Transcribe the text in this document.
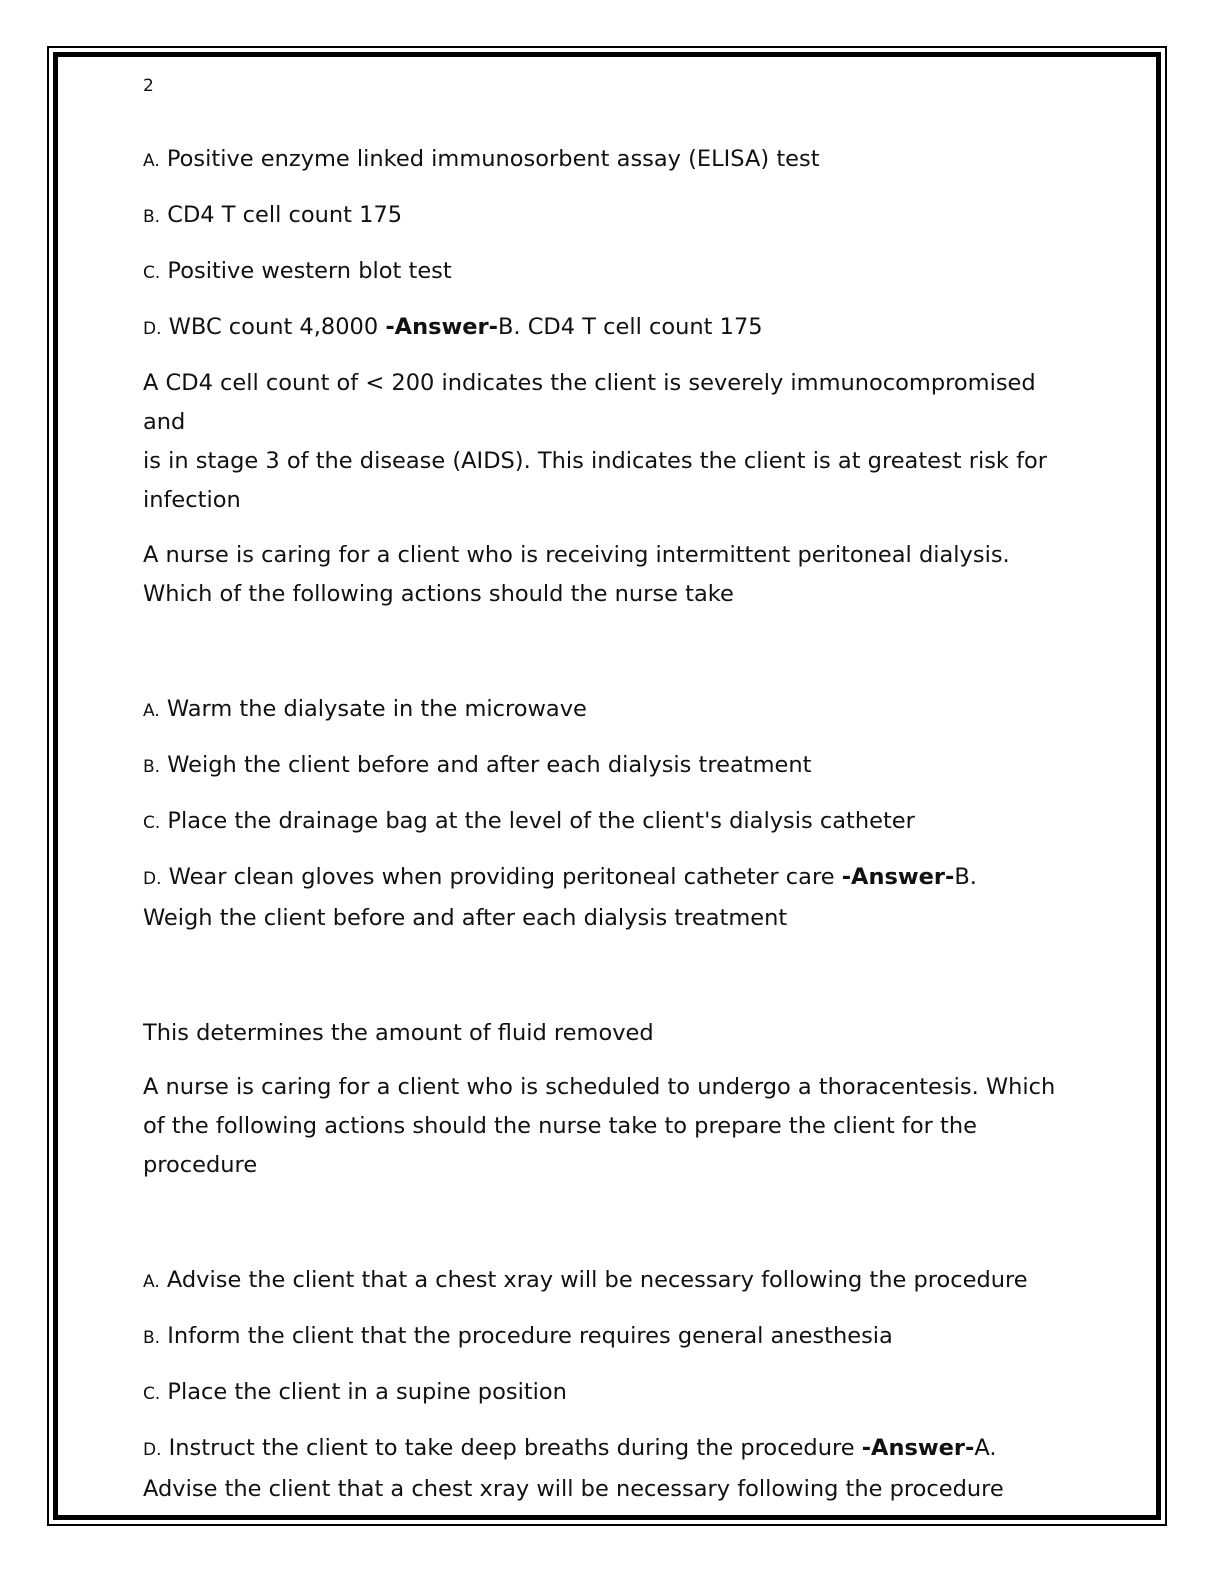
2
A. Positive enzyme linked immunosorbent assay (ELISA) test
B. CD4 T cell count 175
C. Positive western blot test
D. WBC count 4,8000 -Answer-B. CD4 T cell count 175
A CD4 cell count of < 200 indicates the client is severely immunocompromised and
is in stage 3 of the disease (AIDS). This indicates the client is at greatest risk for
infection
A nurse is caring for a client who is receiving intermittent peritoneal dialysis.
Which of the following actions should the nurse take
A. Warm the dialysate in the microwave
B. Weigh the client before and after each dialysis treatment
C. Place the drainage bag at the level of the client's dialysis catheter
D. Wear clean gloves when providing peritoneal catheter care -Answer-B.
Weigh the client before and after each dialysis treatment
This determines the amount of fluid removed
A nurse is caring for a client who is scheduled to undergo a thoracentesis. Which
of the following actions should the nurse take to prepare the client for the
procedure
A. Advise the client that a chest xray will be necessary following the procedure
B. Inform the client that the procedure requires general anesthesia
C. Place the client in a supine position
D. Instruct the client to take deep breaths during the procedure -Answer-A.
Advise the client that a chest xray will be necessary following the procedure
